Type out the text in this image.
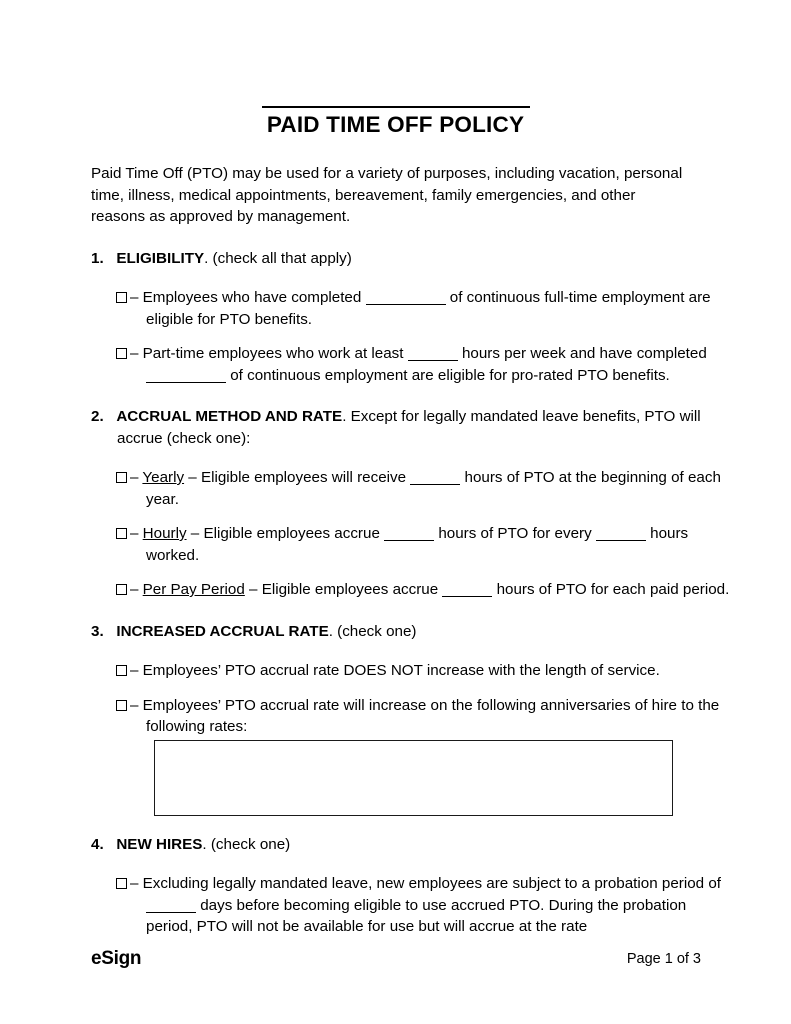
PAID TIME OFF POLICY

Paid Time Off (PTO) may be used for a variety of purposes, including vacation, personal time, illness, medical appointments, bereavement, family emergencies, and other reasons as approved by management.

1. ELIGIBILITY. (check all that apply)
– Employees who have completed	of continuous full-time employment are eligible for PTO benefits.
– Part-time employees who work at least	hours per week and have completed  of continuous employment are eligible for pro-rated PTO benefits.
2. ACCRUAL METHOD AND RATE. Except for legally mandated leave benefits, PTO will accrue (check one):
– Yearly – Eligible employees will receive	hours of PTO at the beginning of each year.
– Hourly – Eligible employees accrue	hours of PTO for every	hours worked.
– Per Pay Period – Eligible employees accrue	hours of PTO for each paid period.
3. INCREASED ACCRUAL RATE. (check one)
– Employees’ PTO accrual rate DOES NOT increase with the length of service.
– Employees’ PTO accrual rate will increase on the following anniversaries of hire to the following rates:
4. NEW HIRES. (check one)
– Excluding legally mandated leave, new employees are subject to a probation period of  days before becoming eligible to use accrued PTO. During the probation period, PTO will not be available for use but will accrue at the rate
eSign	Page 1 of 3
